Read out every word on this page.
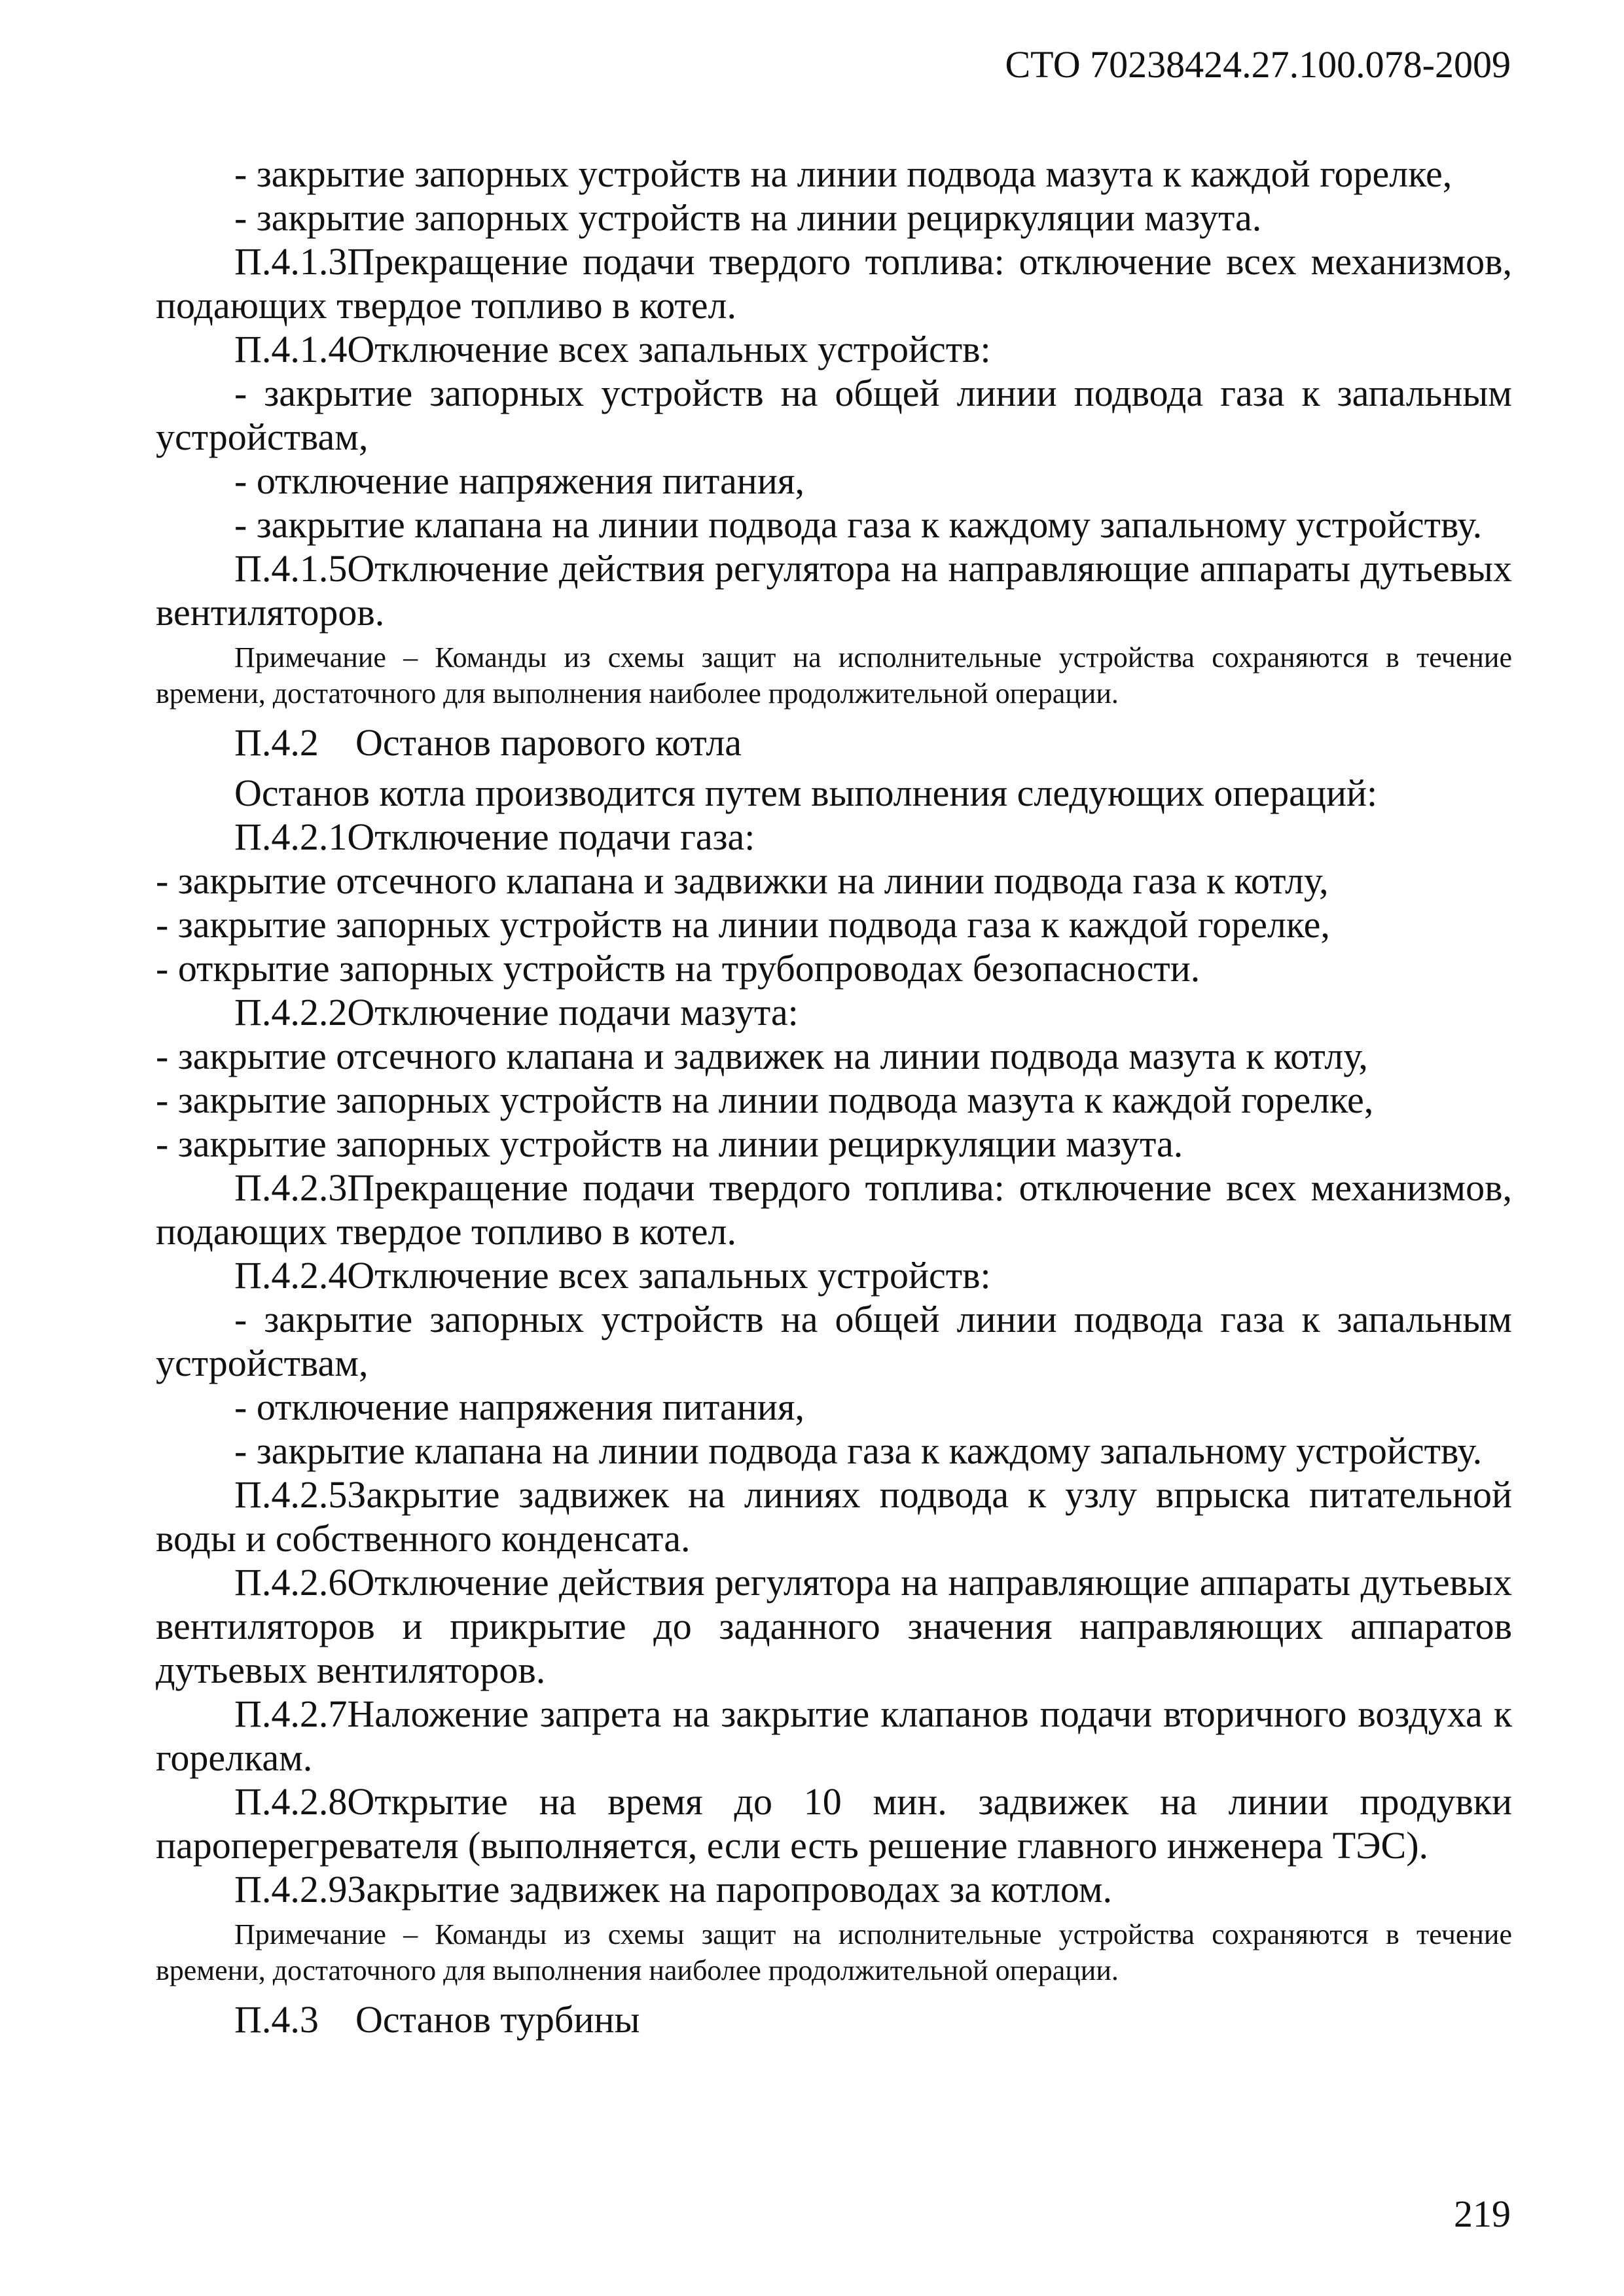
СТО 70238424.27.100.078-2009

- закрытие запорных устройств на линии подвода мазута к каждой горелке,

- закрытие запорных устройств на линии рециркуляции мазута.

П.4.1.3Прекращение подачи твердого топлива: отключение всех механизмов, подающих твердое топливо в котел.

П.4.1.4Отключение всех запальных устройств:

- закрытие запорных устройств на общей линии подвода газа к запальным устройствам,

- отключение напряжения питания,

- закрытие клапана на линии подвода газа к каждому запальному устройству.

П.4.1.5Отключение действия регулятора на направляющие аппараты дутьевых вентиляторов.

Примечание – Команды из схемы защит на исполнительные устройства сохраняются в течение времени, достаточного для выполнения наиболее продолжительной операции.

П.4.2 Останов парового котла

Останов котла производится путем выполнения следующих операций:

П.4.2.1Отключение подачи газа:

- закрытие отсечного клапана и задвижки на линии подвода газа к котлу,

- закрытие запорных устройств на линии подвода газа к каждой горелке,

- открытие запорных устройств на трубопроводах безопасности.

П.4.2.2Отключение подачи мазута:

- закрытие отсечного клапана и задвижек на линии подвода мазута к котлу,

- закрытие запорных устройств на линии подвода мазута к каждой горелке,

- закрытие запорных устройств на линии рециркуляции мазута.

П.4.2.3Прекращение подачи твердого топлива: отключение всех механизмов, подающих твердое топливо в котел.

П.4.2.4Отключение всех запальных устройств:

- закрытие запорных устройств на общей линии подвода газа к запальным устройствам,

- отключение напряжения питания,

- закрытие клапана на линии подвода газа к каждому запальному устройству.

П.4.2.5Закрытие задвижек на линиях подвода к узлу впрыска питательной воды и собственного конденсата.

П.4.2.6Отключение действия регулятора на направляющие аппараты дутьевых вентиляторов и прикрытие до заданного значения направляющих аппаратов дутьевых вентиляторов.

П.4.2.7Наложение запрета на закрытие клапанов подачи вторичного воздуха к горелкам.

П.4.2.8Открытие на время до 10 мин. задвижек на линии продувки пароперегревателя (выполняется, если есть решение главного инженера ТЭС).

П.4.2.9Закрытие задвижек на паропроводах за котлом.

Примечание – Команды из схемы защит на исполнительные устройства сохраняются в течение времени, достаточного для выполнения наиболее продолжительной операции.

П.4.3 Останов турбины

219
